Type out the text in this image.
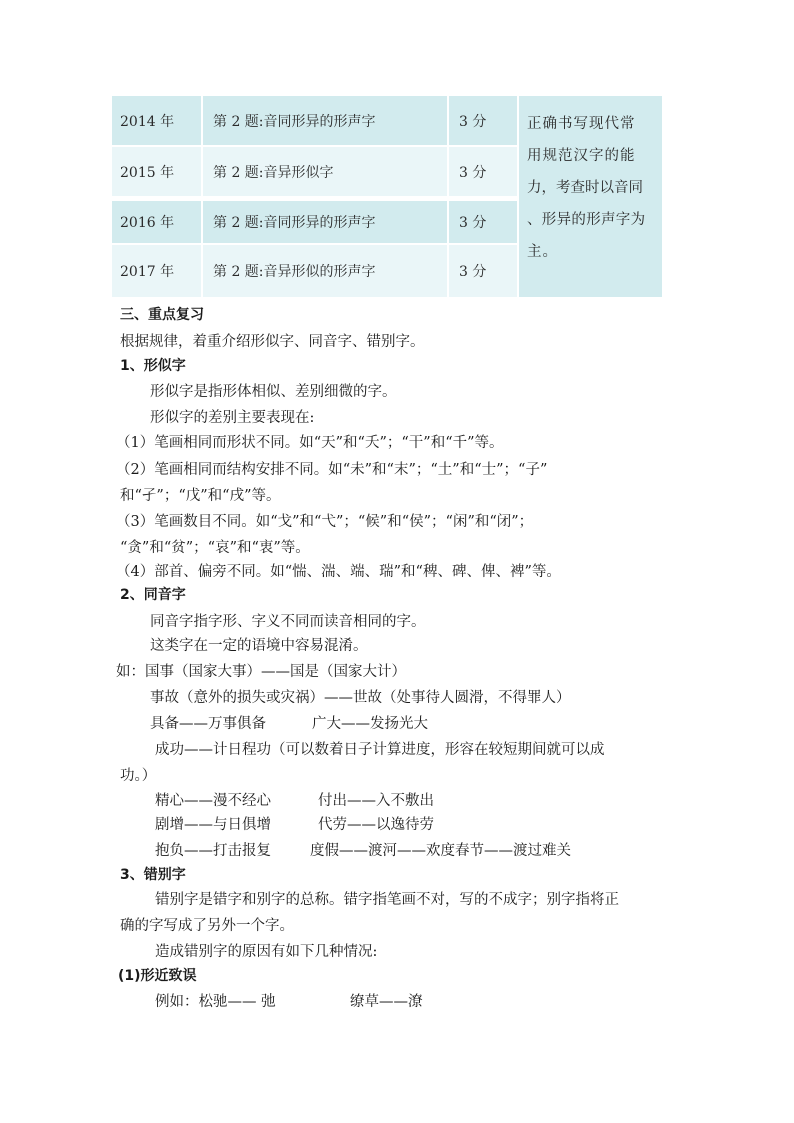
2014 年	第 2 题:音同形异的形声字	3 分
2015 年	第 2 题:音异形似字	3 分
2016 年	第 2 题:音同形异的形声字	3 分
2017 年	第 2 题:音异形似的形声字	3 分
正确书写现代常
用规范汉字的能
力，考查时以音同
、形异的形声字为
主。
三、重点复习
根据规律，着重介绍形似字、同音字、错别字。
1、形似字
形似字是指形体相似、差别细微的字。
形似字的差别主要表现在:
（1）笔画相同而形状不同。如“天”和“夭”；“干”和“千”等。
（2）笔画相同而结构安排不同。如“未”和“末”；“土”和“士”；“子”
和“孑”；“戊”和“戌”等。
（3）笔画数目不同。如“戈”和“弋”；“候”和“侯”；“闲”和“闭”；
“贪”和“贫”；“哀”和“衷”等。
（4）部首、偏旁不同。如“惴、湍、端、瑞”和“稗、碑、俾、裨”等。
2、同音字
同音字指字形、字义不同而读音相同的字。
这类字在一定的语境中容易混淆。
如：国事（国家大事）——国是（国家大计）
事故（意外的损失或灾祸）——世故（处事待人圆滑，不得罪人）
具备——万事俱备	广大——发扬光大
成功——计日程功（可以数着日子计算进度，形容在较短期间就可以成
功。）
精心——漫不经心	付出——入不敷出
剧增——与日俱增	代劳——以逸待劳
抱负——打击报复	度假——渡河——欢度春节——渡过难关
3、错别字
错别字是错字和别字的总称。错字指笔画不对，写的不成字；别字指将正
确的字写成了另外一个字。
造成错别字的原因有如下几种情况:
(1)形近致误
例如：松驰—— 弛	缭草——潦
